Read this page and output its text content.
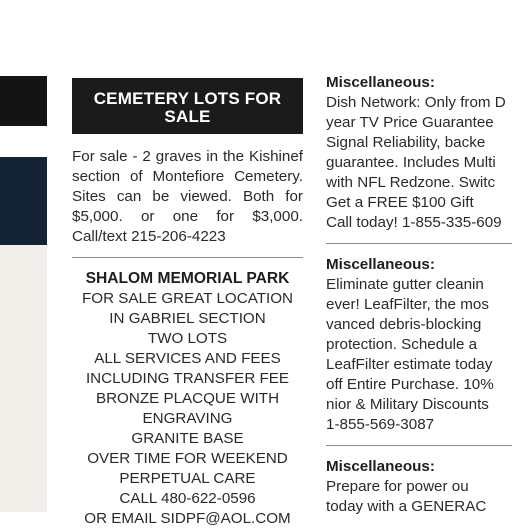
CEMETERY LOTS FOR SALE
For sale - 2 graves in the Kishinef section of Montefiore Cemetery. Sites can be viewed. Both for $5,000. or one for $3,000. Call/text 215-206-4223
SHALOM MEMORIAL PARK
FOR SALE GREAT LOCATION
IN GABRIEL SECTION
TWO LOTS
ALL SERVICES AND FEES
INCLUDING TRANSFER FEE
BRONZE PLACQUE WITH
ENGRAVING
GRANITE BASE
OVER TIME FOR WEEKEND
PERPETUAL CARE
CALL 480-622-0596
OR EMAIL SIDPF@AOL.COM
Miscellaneous:
Dish Network: Only from D
year TV Price Guarantee
Signal Reliability, backe
guarantee. Includes Multi
with NFL Redzone. Switc
Get a FREE $100 Gift
Call today! 1-855-335-609
Miscellaneous:
Eliminate gutter cleanin
ever! LeafFilter, the mos
vanced debris-blocking
protection. Schedule a
LeafFilter estimate today
off Entire Purchase. 10%
nior & Military Discounts
1-855-569-3087
Miscellaneous:
Prepare for power ou
today with a GENERAC
